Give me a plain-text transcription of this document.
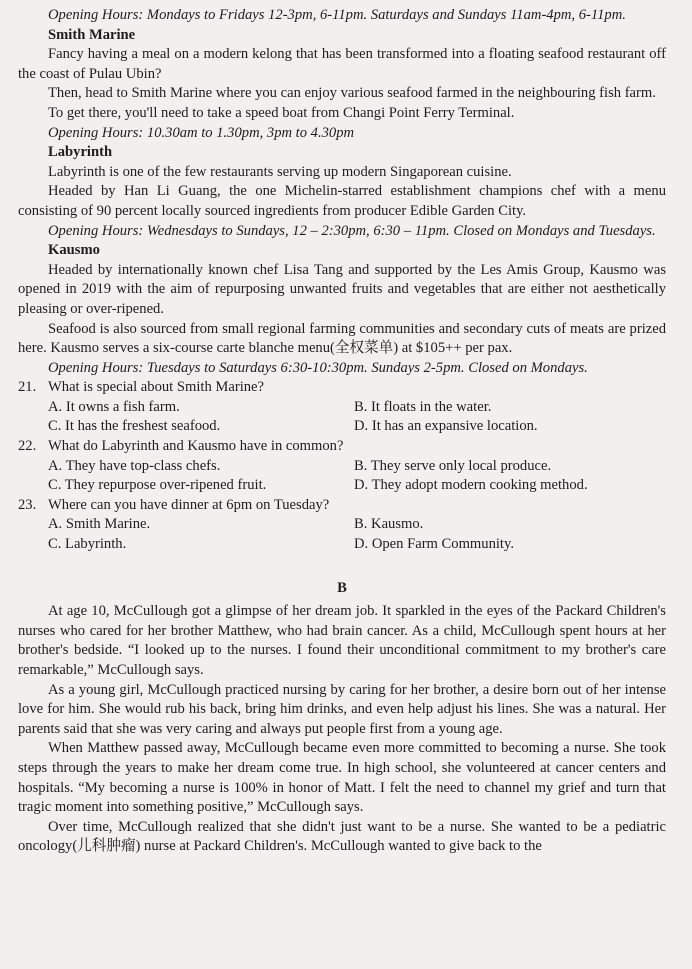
Opening Hours: Mondays to Fridays 12-3pm, 6-11pm. Saturdays and Sundays 11am-4pm, 6-11pm.

Smith Marine

Fancy having a meal on a modern kelong that has been transformed into a floating seafood restaurant off the coast of Pulau Ubin?

Then, head to Smith Marine where you can enjoy various seafood farmed in the neighbouring fish farm.

To get there, you'll need to take a speed boat from Changi Point Ferry Terminal.

Opening Hours: 10.30am to 1.30pm, 3pm to 4.30pm

Labyrinth

Labyrinth is one of the few restaurants serving up modern Singaporean cuisine.

Headed by Han Li Guang, the one Michelin-starred establishment champions chef with a menu consisting of 90 percent locally sourced ingredients from producer Edible Garden City.

Opening Hours: Wednesdays to Sundays, 12 – 2:30pm, 6:30 – 11pm. Closed on Mondays and Tuesdays.

Kausmo

Headed by internationally known chef Lisa Tang and supported by the Les Amis Group, Kausmo was opened in 2019 with the aim of repurposing unwanted fruits and vegetables that are either not aesthetically pleasing or over-ripened.

Seafood is also sourced from small regional farming communities and secondary cuts of meats are prized here. Kausmo serves a six-course carte blanche menu(全权菜单) at $105++ per pax.

Opening Hours: Tuesdays to Saturdays 6:30-10:30pm. Sundays 2-5pm. Closed on Mondays.

21. What is special about Smith Marine?
A. It owns a fish farm.	B. It floats in the water.
C. It has the freshest seafood.	D. It has an expansive location.
22. What do Labyrinth and Kausmo have in common?
A. They have top-class chefs.	B. They serve only local produce.
C. They repurpose over-ripened fruit.	D. They adopt modern cooking method.
23. Where can you have dinner at 6pm on Tuesday?
A. Smith Marine.	B. Kausmo.
C. Labyrinth.	D. Open Farm Community.
B

At age 10, McCullough got a glimpse of her dream job. It sparkled in the eyes of the Packard Children's nurses who cared for her brother Matthew, who had brain cancer. As a child, McCullough spent hours at her brother's bedside. “I looked up to the nurses. I found their unconditional commitment to my brother's care remarkable,” McCullough says.

As a young girl, McCullough practiced nursing by caring for her brother, a desire born out of her intense love for him. She would rub his back, bring him drinks, and even help adjust his lines. She was a natural. Her parents said that she was very caring and always put people first from a young age.

When Matthew passed away, McCullough became even more committed to becoming a nurse. She took steps through the years to make her dream come true. In high school, she volunteered at cancer centers and hospitals. “My becoming a nurse is 100% in honor of Matt. I felt the need to channel my grief and turn that tragic moment into something positive,” McCullough says.

Over time, McCullough realized that she didn't just want to be a nurse. She wanted to be a pediatric oncology(儿科肿瘤) nurse at Packard Children's. McCullough wanted to give back to the
